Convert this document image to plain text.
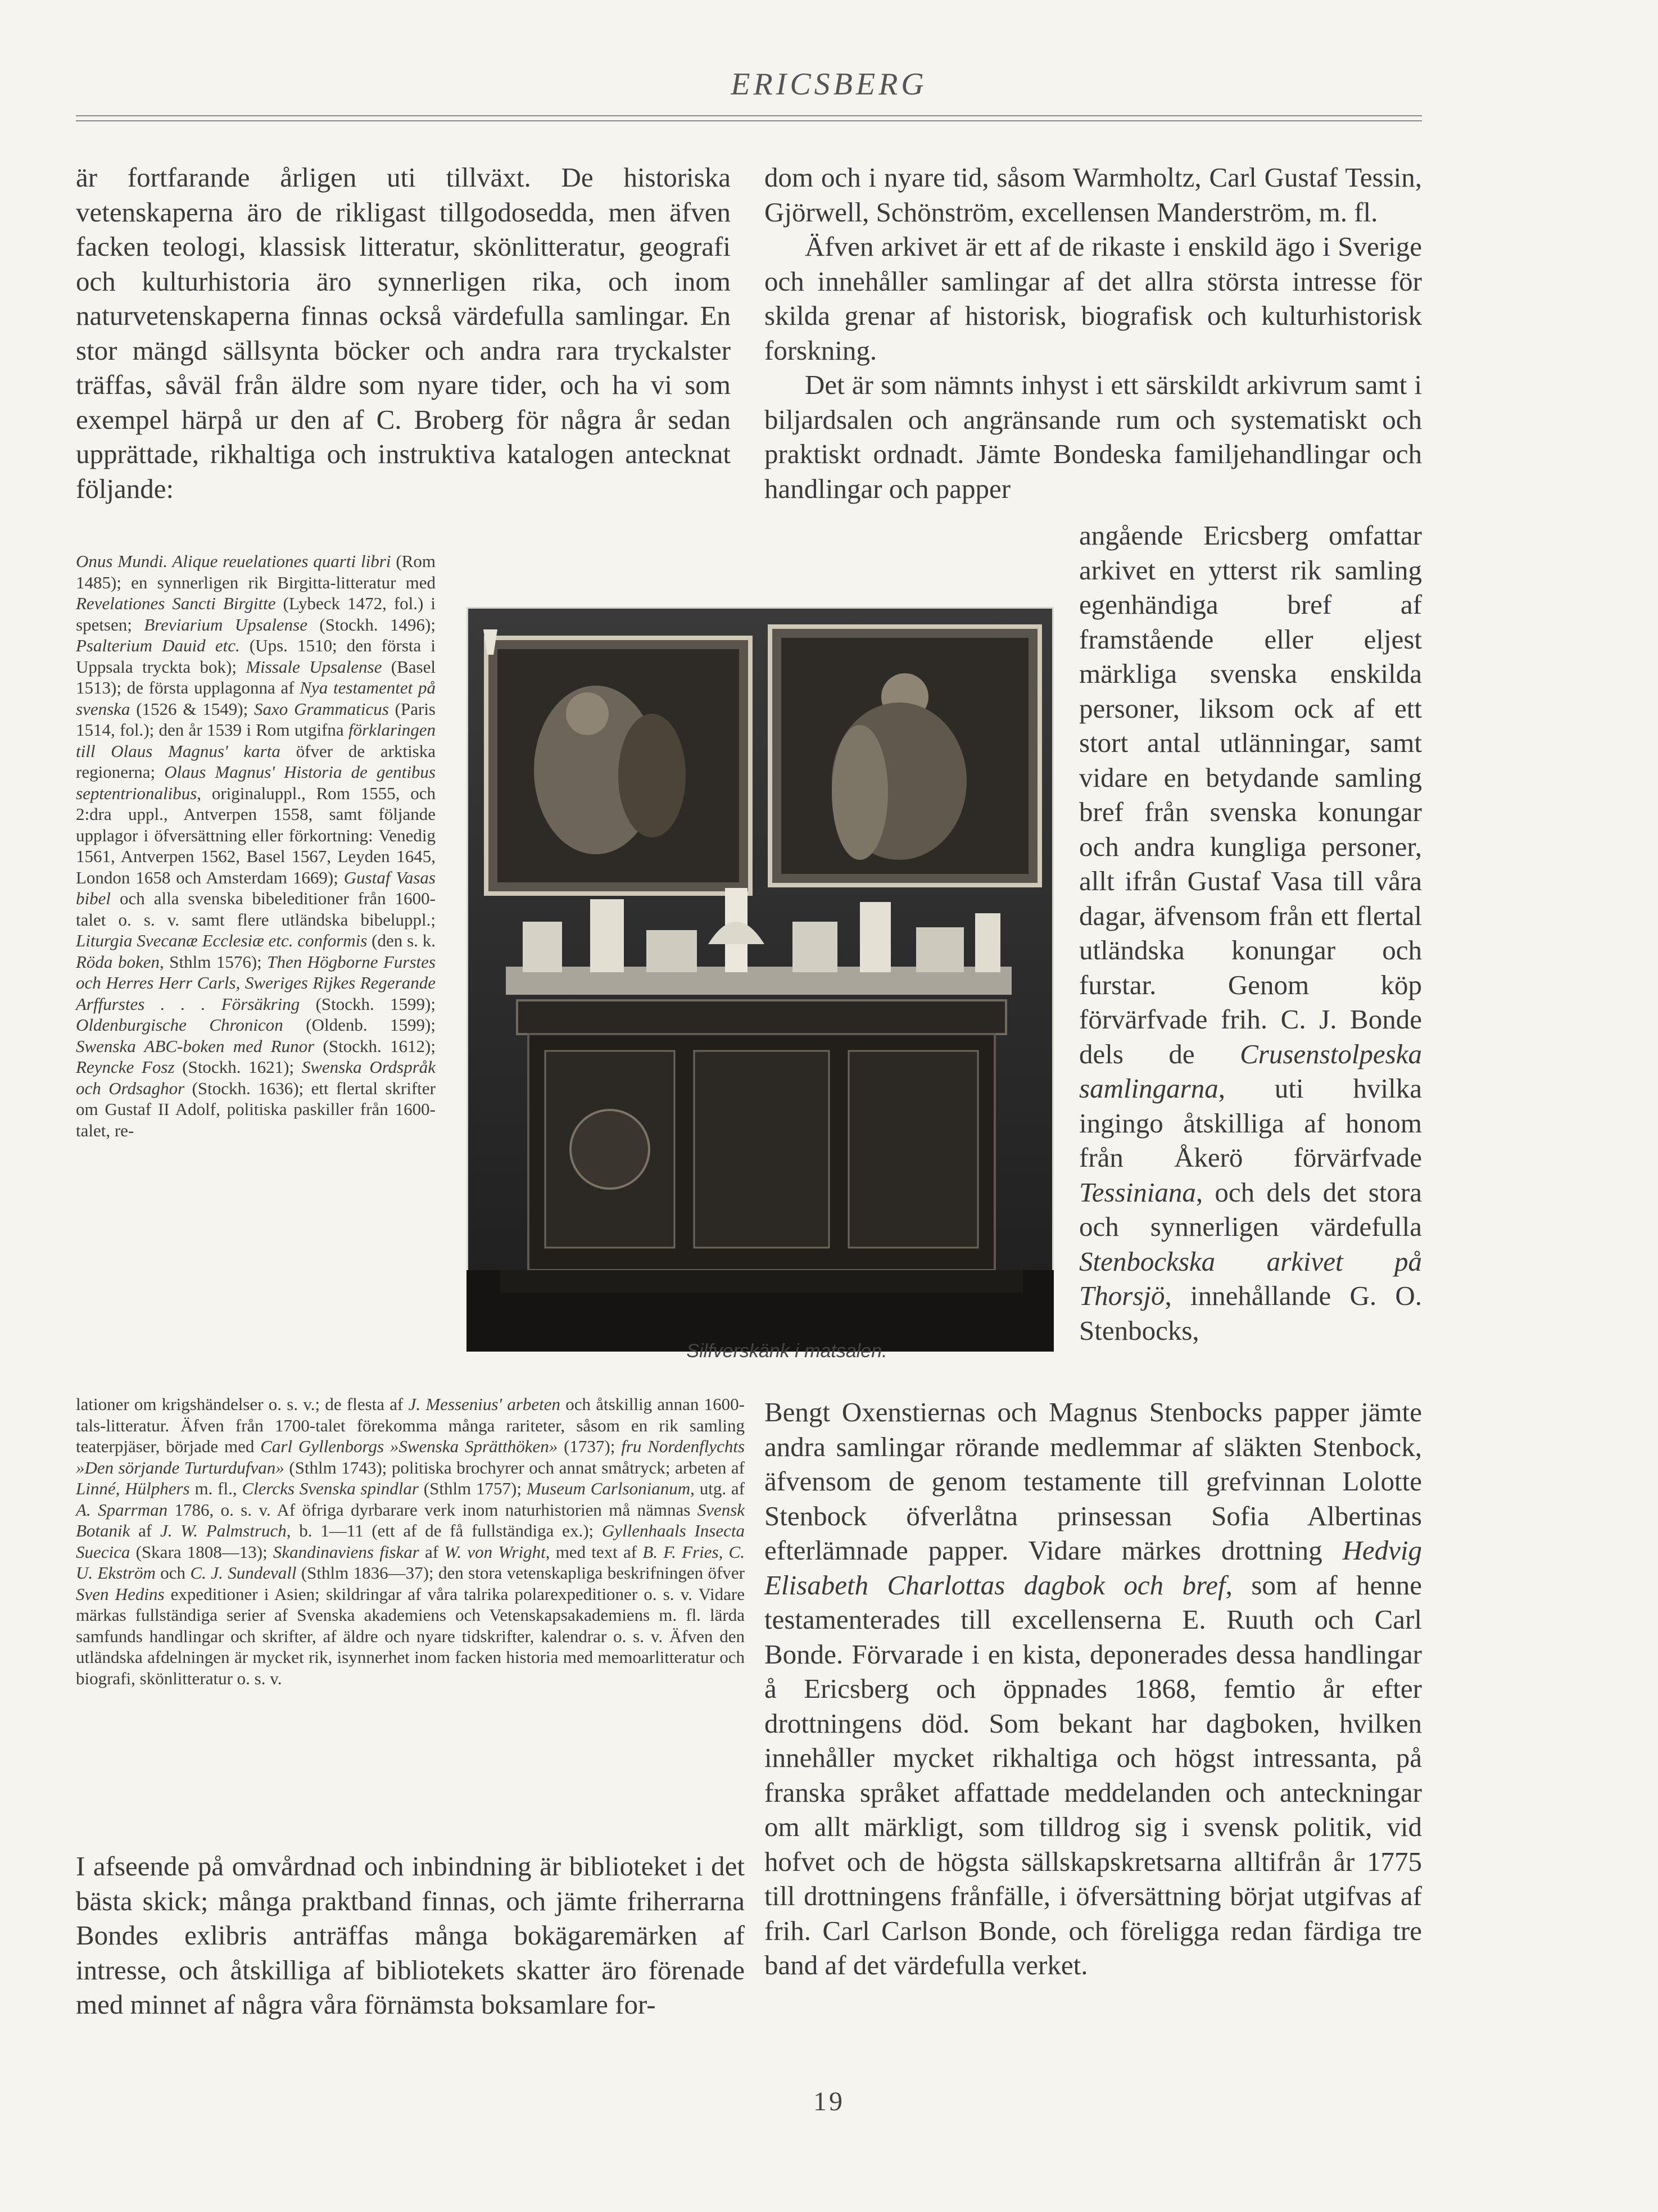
ERICSBERG

är fortfarande årligen uti tillväxt. De historiska vetenskaperna äro de rikligast tillgodosedda, men äfven facken teologi, klassisk litteratur, skönlitteratur, geografi och kulturhistoria äro synnerligen rika, och inom naturvetenskaperna finnas också värdefulla samlingar. En stor mängd sällsynta böcker och andra rara tryckalster träffas, såväl från äldre som nyare tider, och ha vi som exempel härpå ur den af C. Broberg för några år sedan upprättade, rikhaltiga och instruktiva katalogen antecknat följande:

dom och i nyare tid, såsom Warmholtz, Carl Gustaf Tessin, Gjörwell, Schönström, excellensen Manderström, m. fl.

Äfven arkivet är ett af de rikaste i enskild ägo i Sverige och innehåller samlingar af det allra största intresse för skilda grenar af historisk, biografisk och kulturhistorisk forskning.

Det är som nämnts inhyst i ett särskildt arkivrum samt i biljardsalen och angränsande rum och systematiskt och praktiskt ordnadt. Jämte Bondeska familjehandlingar och handlingar och papper

angående Ericsberg omfattar arkivet en ytterst rik samling egenhändiga bref af framstående eller eljest märkliga svenska enskilda personer, liksom ock af ett stort antal utlänningar, samt vidare en betydande samling bref från svenska konungar och andra kungliga personer, allt ifrån Gustaf Vasa till våra dagar, äfvensom från ett flertal utländska konungar och furstar. Genom köp förvärfvade frih. C. J. Bonde dels de Crusenstolpeska samlingarna, uti hvilka ingingo åtskilliga af honom från Åkerö förvärfvade Tessiniana, och dels det stora och synnerligen värdefulla Stenbockska arkivet på Thorsjö, innehållande G. O. Stenbocks,

Bengt Oxenstiernas och Magnus Stenbocks papper jämte andra samlingar rörande medlemmar af släkten Stenbock, äfvensom de genom testamente till grefvinnan Lolotte Stenbock öfverlåtna prinsessan Sofia Albertinas efterlämnade papper. Vidare märkes drottning Hedvig Elisabeth Charlottas dagbok och bref, som af henne testamenterades till excellenserna E. Ruuth och Carl Bonde. Förvarade i en kista, deponerades dessa handlingar å Ericsberg och öppnades 1868, femtio år efter drottningens död. Som bekant har dagboken, hvilken innehåller mycket rikhaltiga och högst intressanta, på franska språket affattade meddelanden och anteckningar om allt märkligt, som tilldrog sig i svensk politik, vid hofvet och de högsta sällskapskretsarna alltifrån år 1775 till drottningens frånfälle, i öfversättning börjat utgifvas af frih. Carl Carlson Bonde, och föreligga redan färdiga tre band af det värdefulla verket.

Onus Mundi. Alique reuelationes quarti libri (Rom 1485); en synnerligen rik Birgitta-litteratur med Revelationes Sancti Birgitte (Lybeck 1472, fol.) i spetsen; Breviarium Upsalense (Stockh. 1496); Psalterium Dauid etc. (Ups. 1510; den första i Uppsala tryckta bok); Missale Upsalense (Basel 1513); de första upplagonna af Nya testamentet på svenska (1526 & 1549); Saxo Grammaticus (Paris 1514, fol.); den år 1539 i Rom utgifna förklaringen till Olaus Magnus' karta öfver de arktiska regionerna; Olaus Magnus' Historia de gentibus septentrionalibus, originaluppl., Rom 1555, och 2:dra uppl., Antverpen 1558, samt följande upplagor i öfversättning eller förkortning: Venedig 1561, Antverpen 1562, Basel 1567, Leyden 1645, London 1658 och Amsterdam 1669); Gustaf Vasas bibel och alla svenska bibeleditioner från 1600-talet o. s. v. samt flere utländska bibeluppl.; Liturgia Svecanæ Ecclesiæ etc. conformis (den s. k. Röda boken, Sthlm 1576); Then Högborne Furstes och Herres Herr Carls, Sweriges Rijkes Regerande Arffurstes . . . Försäkring (Stockh. 1599); Oldenburgische Chronicon (Oldenb. 1599); Swenska ABC-boken med Runor (Stockh. 1612); Reyncke Fosz (Stockh. 1621); Swenska Ordspråk och Ordsaghor (Stockh. 1636); ett flertal skrifter om Gustaf II Adolf, politiska paskiller från 1600-talet, re-

Silfverskänk i matsalen.

lationer om krigshändelser o. s. v.; de flesta af J. Messenius' arbeten och åtskillig annan 1600-tals-litteratur. Äfven från 1700-talet förekomma många rariteter, såsom en rik samling teaterpjäser, började med Carl Gyllenborgs »Swenska Sprätthöken» (1737); fru Nordenflychts »Den sörjande Turturdufvan» (Sthlm 1743); politiska brochyrer och annat småtryck; arbeten af Linné, Hülphers m. fl., Clercks Svenska spindlar (Sthlm 1757); Museum Carlsonianum, utg. af A. Sparrman 1786, o. s. v. Af öfriga dyrbarare verk inom naturhistorien må nämnas Svensk Botanik af J. W. Palmstruch, b. 1—11 (ett af de få fullständiga ex.); Gyllenhaals Insecta Suecica (Skara 1808—13); Skandinaviens fiskar af W. von Wright, med text af B. F. Fries, C. U. Ekström och C. J. Sundevall (Sthlm 1836—37); den stora vetenskapliga beskrifningen öfver Sven Hedins expeditioner i Asien; skildringar af våra talrika polarexpeditioner o. s. v. Vidare märkas fullständiga serier af Svenska akademiens och Vetenskapsakademiens m. fl. lärda samfunds handlingar och skrifter, af äldre och nyare tidskrifter, kalendrar o. s. v. Äfven den utländska afdelningen är mycket rik, isynnerhet inom facken historia med memoarlitteratur och biografi, skönlitteratur o. s. v.

I afseende på omvårdnad och inbindning är biblioteket i det bästa skick; många praktband finnas, och jämte friherrarna Bondes exlibris anträffas många bokägaremärken af intresse, och åtskilliga af bibliotekets skatter äro förenade med minnet af några våra förnämsta boksamlare for-

19
